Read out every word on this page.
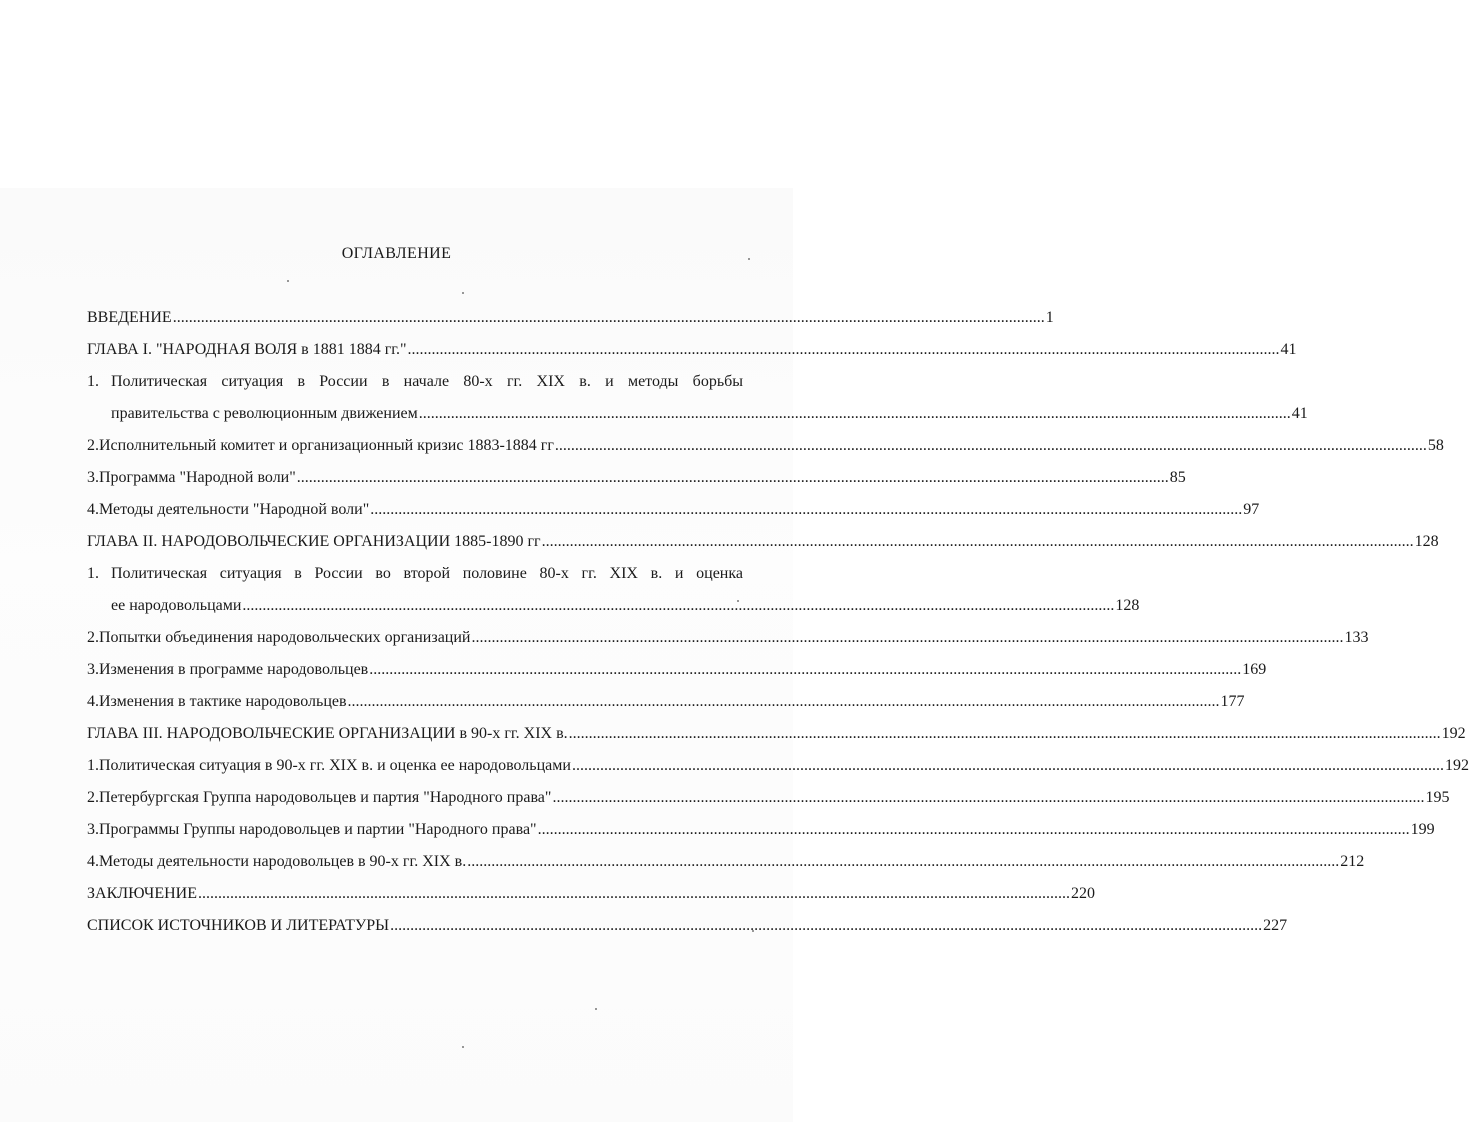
ОГЛАВЛЕНИЕ
ВВЕДЕНИЕ .....	1
ГЛАВА I. "НАРОДНАЯ ВОЛЯ в 1881 1884 гг." .....	41
1. Политическая ситуация в России в начале 80-х гг. XIX в. и методы борьбы
правительства с революционным движением .....	41
2. Исполнительный комитет и организационный кризис 1883-1884 гг .....	58
3. Программа "Народной воли" .....	85
4. Методы деятельности "Народной воли" .....	97
ГЛАВА II. НАРОДОВОЛЬЧЕСКИЕ ОРГАНИЗАЦИИ 1885-1890 гг .....	128
1. Политическая ситуация в России во второй половине 80-х гг. XIX в. и оценка
ее народовольцами .....	128
2. Попытки объединения народовольческих организаций .....	133
3. Изменения в программе народовольцев .....	169
4. Изменения в тактике народовольцев .....	177
ГЛАВА III. НАРОДОВОЛЬЧЕСКИЕ ОРГАНИЗАЦИИ в 90-х гг. XIX в. .....	192
1. Политическая ситуация в 90-х гг. XIX в. и оценка ее народовольцами .....	192
2. Петербургская Группа народовольцев и партия "Народного права" .....	195
3. Программы Группы народовольцев и партии "Народного права" .....	199
4. Методы деятельности народовольцев в 90-х гг. XIX в. .....	212
ЗАКЛЮЧЕНИЕ .....	220
СПИСОК ИСТОЧНИКОВ И ЛИТЕРАТУРЫ .....	227
